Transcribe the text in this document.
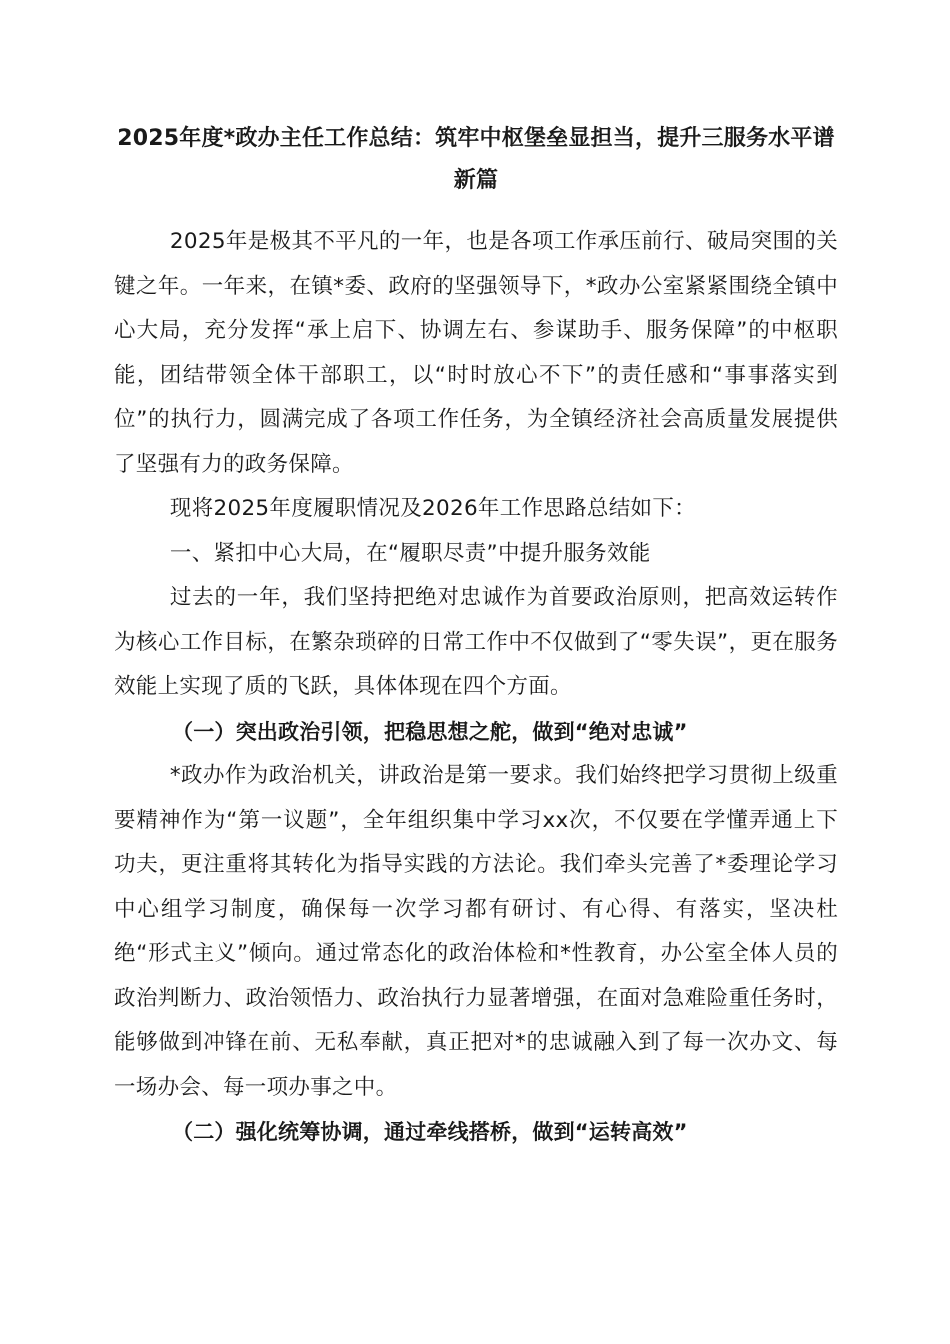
2025年度*政办主任工作总结：筑牢中枢堡垒显担当，提升三服务水平谱新篇

2025年是极其不平凡的一年，也是各项工作承压前行、破局突围的关键之年。一年来，在镇*委、政府的坚强领导下，*政办公室紧紧围绕全镇中心大局，充分发挥“承上启下、协调左右、参谋助手、服务保障”的中枢职能，团结带领全体干部职工，以“时时放心不下”的责任感和“事事落实到位”的执行力，圆满完成了各项工作任务，为全镇经济社会高质量发展提供了坚强有力的政务保障。

现将2025年度履职情况及2026年工作思路总结如下：

一、紧扣中心大局，在“履职尽责”中提升服务效能

过去的一年，我们坚持把绝对忠诚作为首要政治原则，把高效运转作为核心工作目标，在繁杂琐碎的日常工作中不仅做到了“零失误”，更在服务效能上实现了质的飞跃，具体体现在四个方面。

（一）突出政治引领，把稳思想之舵，做到“绝对忠诚”

*政办作为政治机关，讲政治是第一要求。我们始终把学习贯彻上级重要精神作为“第一议题”，全年组织集中学习xx次，不仅要在学懂弄通上下功夫，更注重将其转化为指导实践的方法论。我们牵头完善了*委理论学习中心组学习制度，确保每一次学习都有研讨、有心得、有落实，坚决杜绝“形式主义”倾向。通过常态化的政治体检和*性教育，办公室全体人员的政治判断力、政治领悟力、政治执行力显著增强，在面对急难险重任务时，能够做到冲锋在前、无私奉献，真正把对*的忠诚融入到了每一次办文、每一场办会、每一项办事之中。

（二）强化统筹协调，通过牵线搭桥，做到“运转高效”
